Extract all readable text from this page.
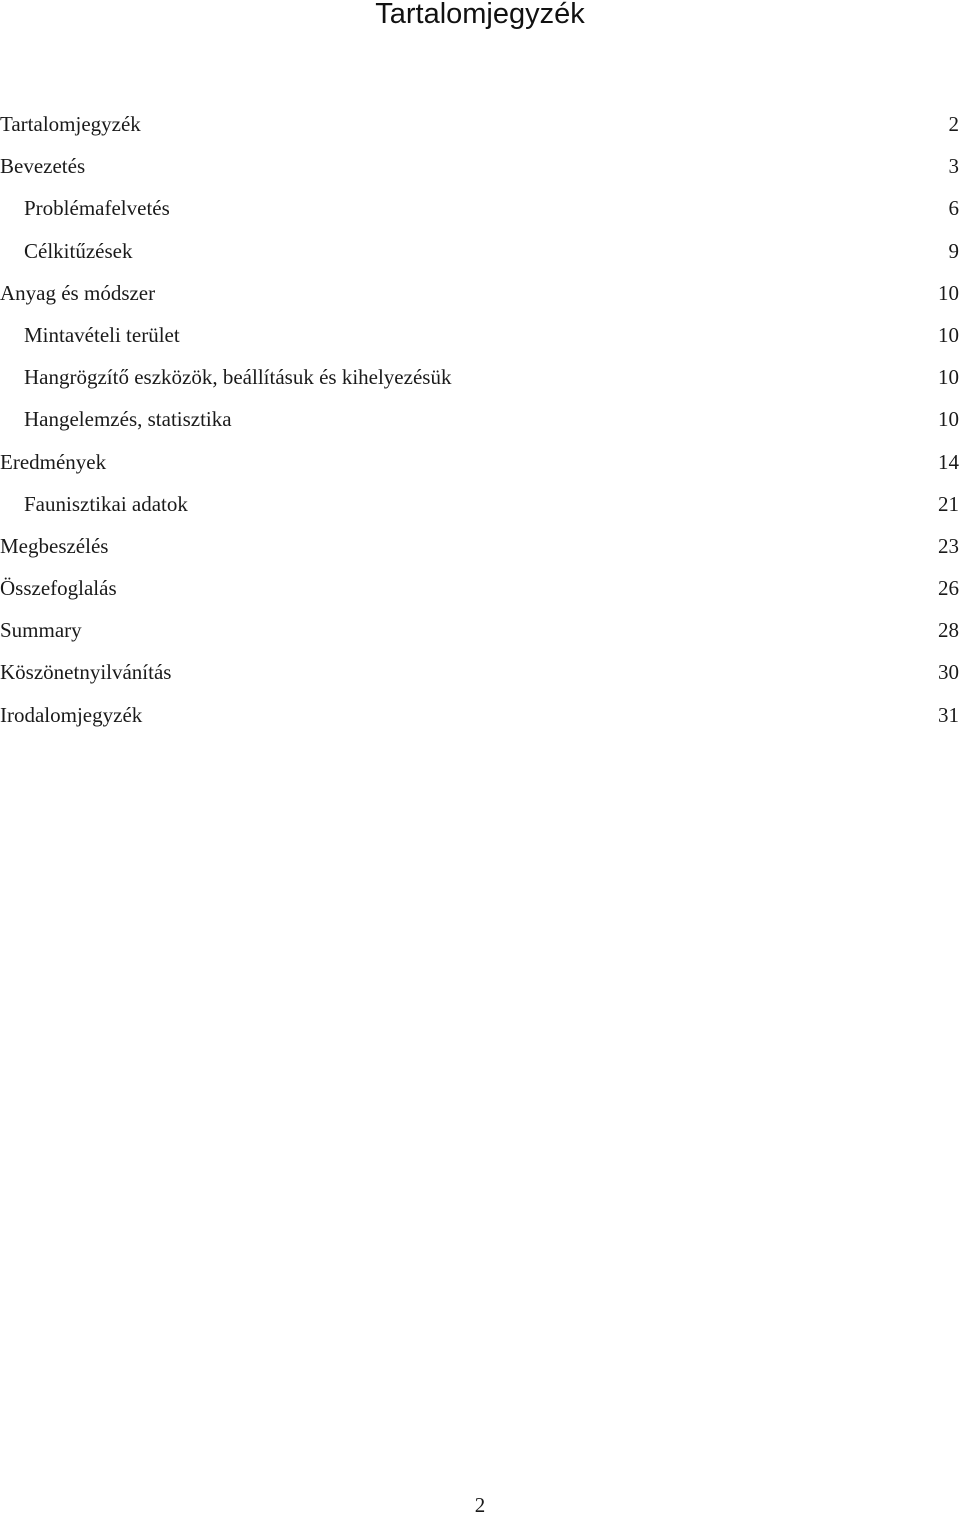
Tartalomjegyzék
Tartalomjegyzék	2
Bevezetés	3
Problémafelvetés	6
Célkitűzések	9
Anyag és módszer	10
Mintavételi terület	10
Hangrögzítő eszközök, beállításuk és kihelyezésük	10
Hangelemzés, statisztika	10
Eredmények	14
Faunisztikai adatok	21
Megbeszélés	23
Összefoglalás	26
Summary	28
Köszönetnyilvánítás	30
Irodalomjegyzék	31
2
